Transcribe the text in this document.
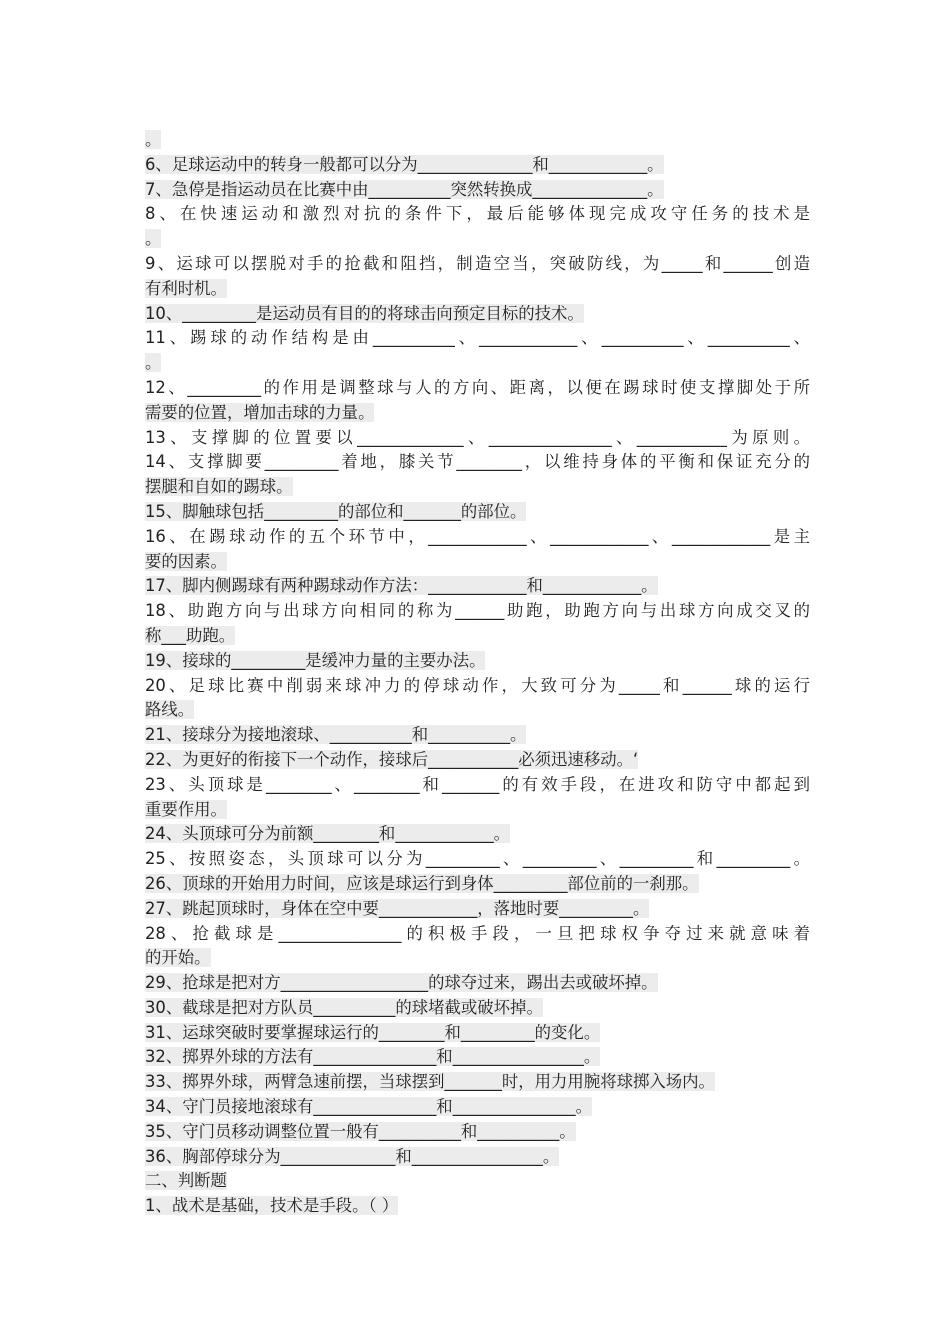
。
6、足球运动中的转身一般都可以分为______________和____________。
7、急停是指运动员在比赛中由__________突然转换成______________。
8、在快速运动和激烈对抗的条件下，最后能够体现完成攻守任务的技术是
。
9、运球可以摆脱对手的抢截和阻挡，制造空当，突破防线，为_____和______创造
有利时机。
10、_________是运动员有目的的将球击向预定目标的技术。
11、踢球的动作结构是由__________、____________、__________、__________、
。
12、_________的作用是调整球与人的方向、距离，以便在踢球时使支撑脚处于所
需要的位置，增加击球的力量。
13、支撑脚的位置要以_____________、_______________、___________为原则。
14、支撑脚要_________着地，膝关节________，以维持身体的平衡和保证充分的
摆腿和自如的踢球。
15、脚触球包括_________的部位和_______的部位。
16、在踢球动作的五个环节中，____________、____________、____________是主
要的因素。
17、脚内侧踢球有两种踢球动作方法：____________和____________。
18、助跑方向与出球方向相同的称为______助跑，助跑方向与出球方向成交叉的
称___助跑。
19、接球的_________是缓冲力量的主要办法。
20、足球比赛中削弱来球冲力的停球动作，大致可分为_____和______球的运行
路线。
21、接球分为接地滚球、__________和__________。
22、为更好的衔接下一个动作，接球后___________必须迅速移动。‘
23、头顶球是________、________和_______的有效手段，在进攻和防守中都起到
重要作用。
24、头顶球可分为前额________和____________。
25、按照姿态，头顶球可以分为_________、_________、_________和_________。
26、顶球的开始用力时间，应该是球运行到身体_________部位前的一刹那。
27、跳起顶球时，身体在空中要____________，落地时要_________。
28、抢截球是_______________的积极手段，一旦把球权争夺过来就意味着
的开始。
29、抢球是把对方__________________的球夺过来，踢出去或破坏掉。
30、截球是把对方队员__________的球堵截或破坏掉。
31、运球突破时要掌握球运行的________和_________的变化。
32、掷界外球的方法有_______________和________________。
33、掷界外球，两臂急速前摆，当球摆到_______时，用力用腕将球掷入场内。
34、守门员接地滚球有_______________和_______________。
35、守门员移动调整位置一般有__________和__________。
36、胸部停球分为______________和________________。
二、判断题
1、战术是基础，技术是手段。（ ）
